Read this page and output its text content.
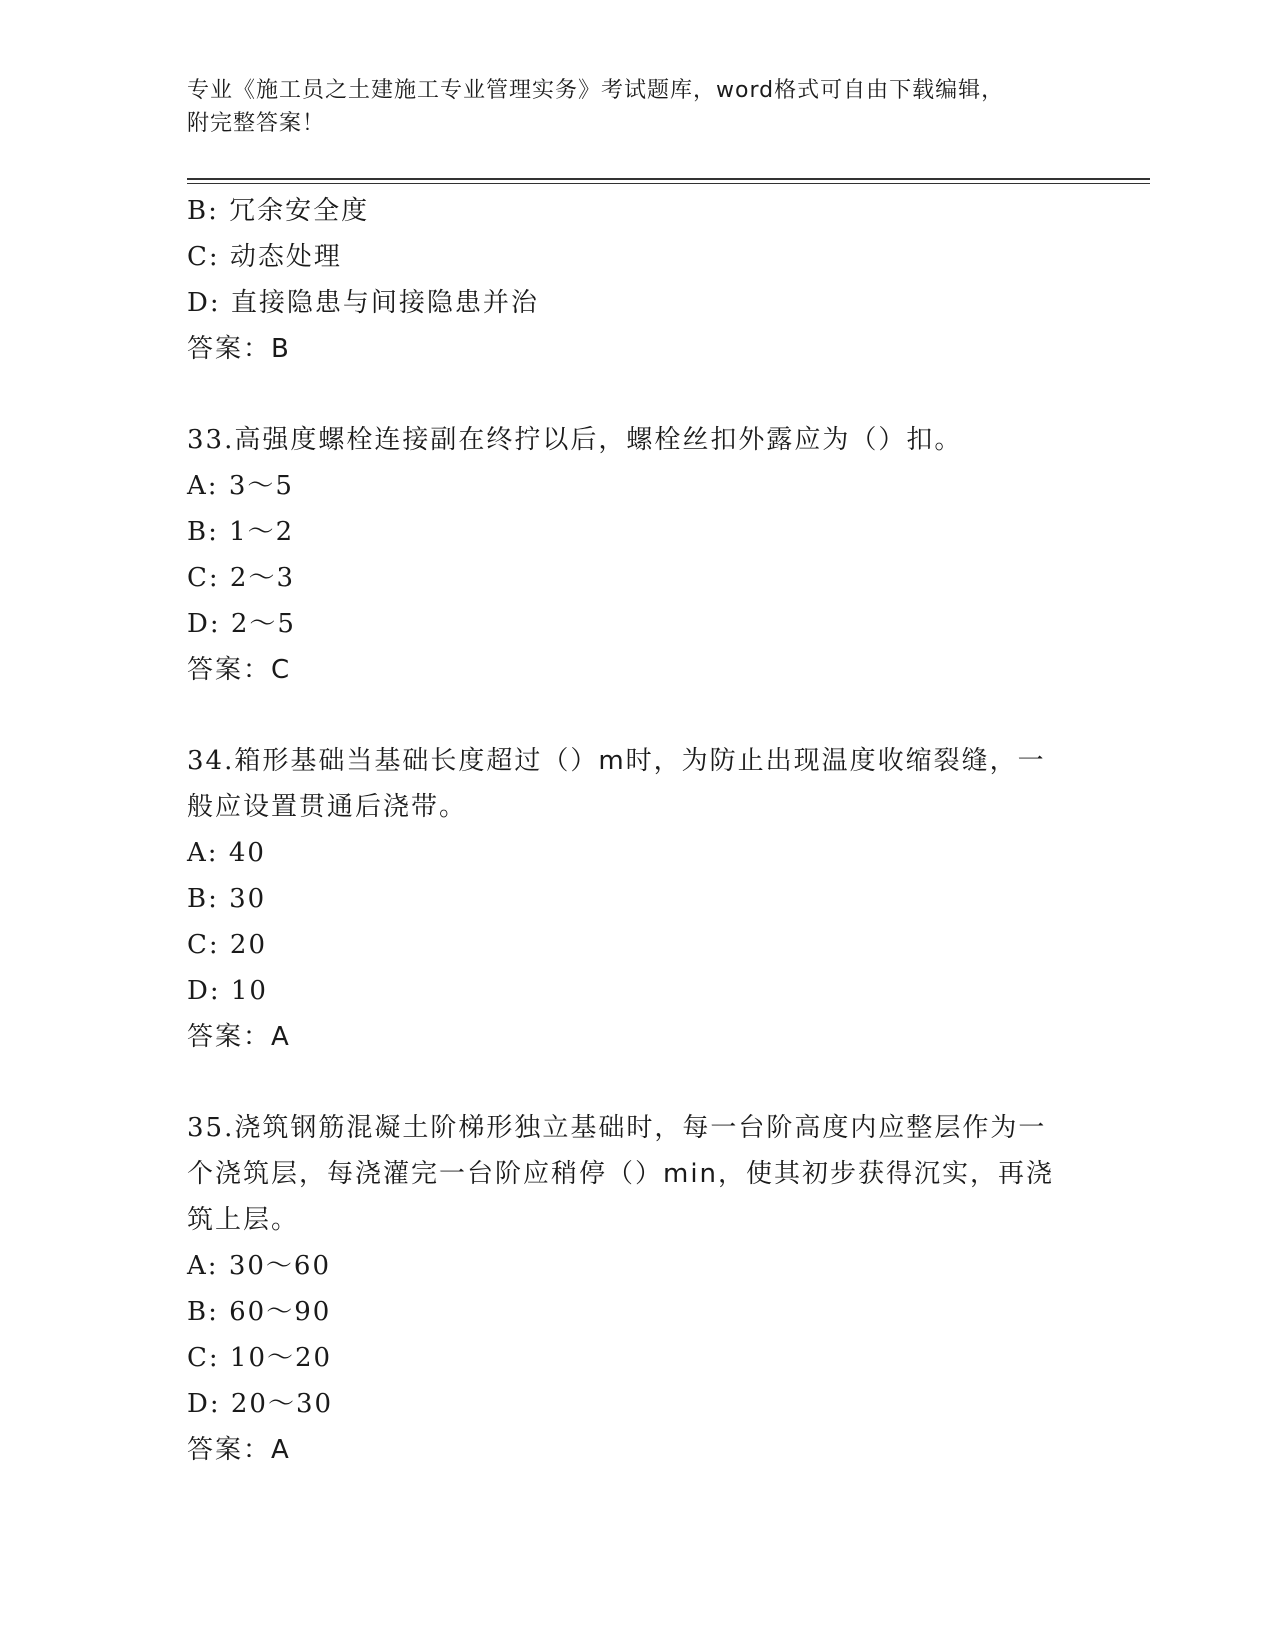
专业《施工员之土建施工专业管理实务》考试题库，word格式可自由下载编辑，
附完整答案！
B: 冗余安全度
C: 动态处理
D: 直接隐患与间接隐患并治
答案：B
33.高强度螺栓连接副在终拧以后，螺栓丝扣外露应为（）扣。
A: 3～5
B: 1～2
C: 2～3
D: 2～5
答案：C
34.箱形基础当基础长度超过（）m时，为防止出现温度收缩裂缝，一般应设置贯通后浇带。
A: 40
B: 30
C: 20
D: 10
答案：A
35.浇筑钢筋混凝土阶梯形独立基础时，每一台阶高度内应整层作为一个浇筑层，每浇灌完一台阶应稍停（）min，使其初步获得沉实，再浇筑上层。
A: 30～60
B: 60～90
C: 10～20
D: 20～30
答案：A
